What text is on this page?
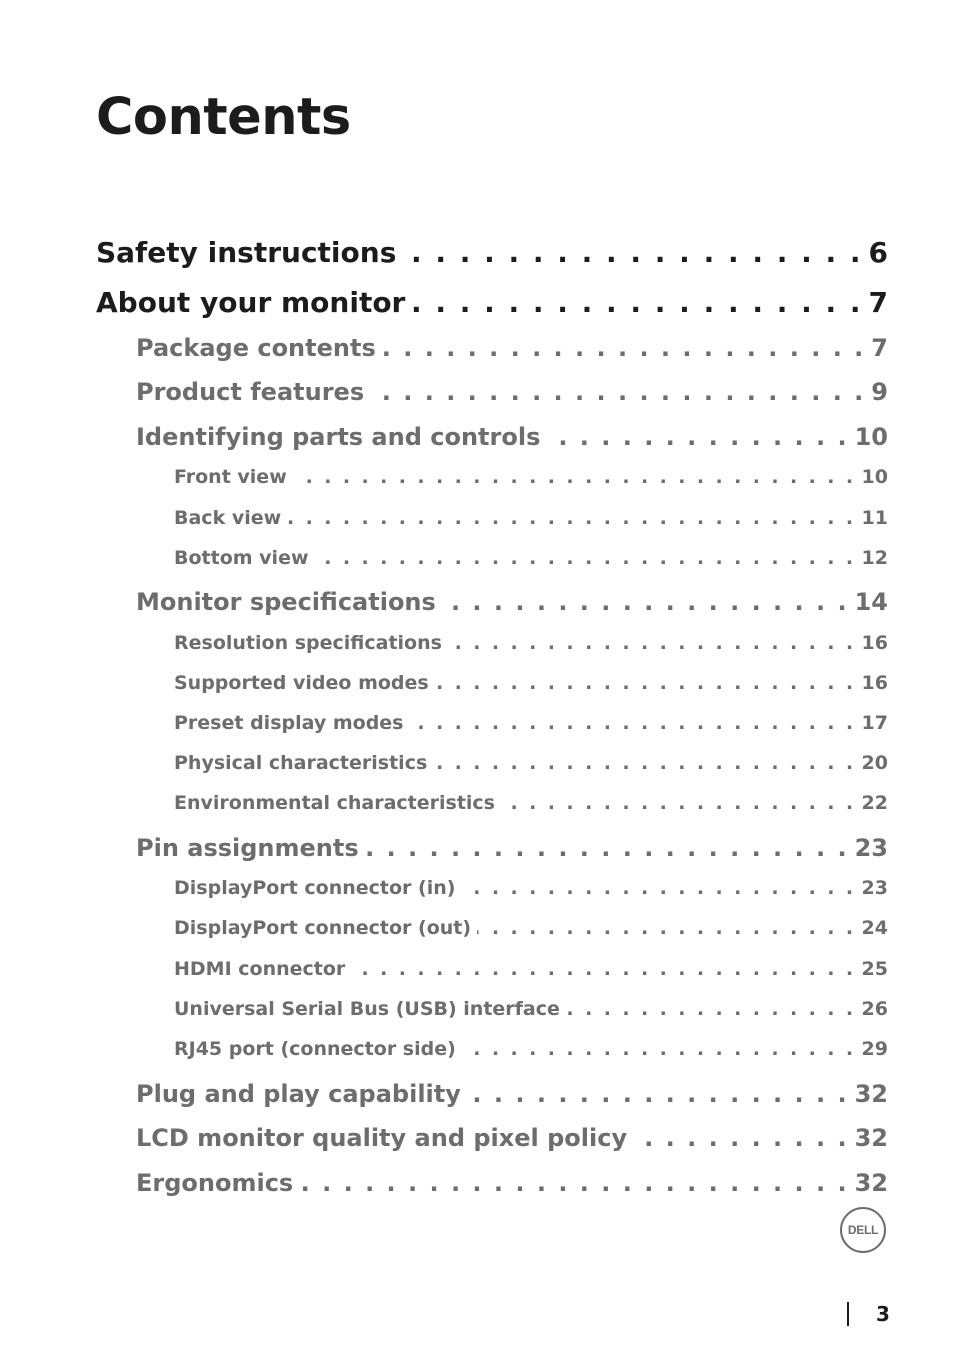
Contents
Safety instructions . . .	6
About your monitor . . .	7
Package contents . . .	7
Product features . . .	9
Identifying parts and controls . . .	10
Front view . . .	10
Back view . . .	11
Bottom view . . .	12
Monitor specifications . . .	14
Resolution specifications . . .	16
Supported video modes . . .	16
Preset display modes . . .	17
Physical characteristics . . .	20
Environmental characteristics . . .	22
Pin assignments . . .	23
DisplayPort connector (in) . . .	23
DisplayPort connector (out) . . .	24
HDMI connector . . .	25
Universal Serial Bus (USB) interface . . .	26
RJ45 port (connector side) . . .	29
Plug and play capability . . .	32
LCD monitor quality and pixel policy . . .	32
Ergonomics . . .	32
DELL
3
